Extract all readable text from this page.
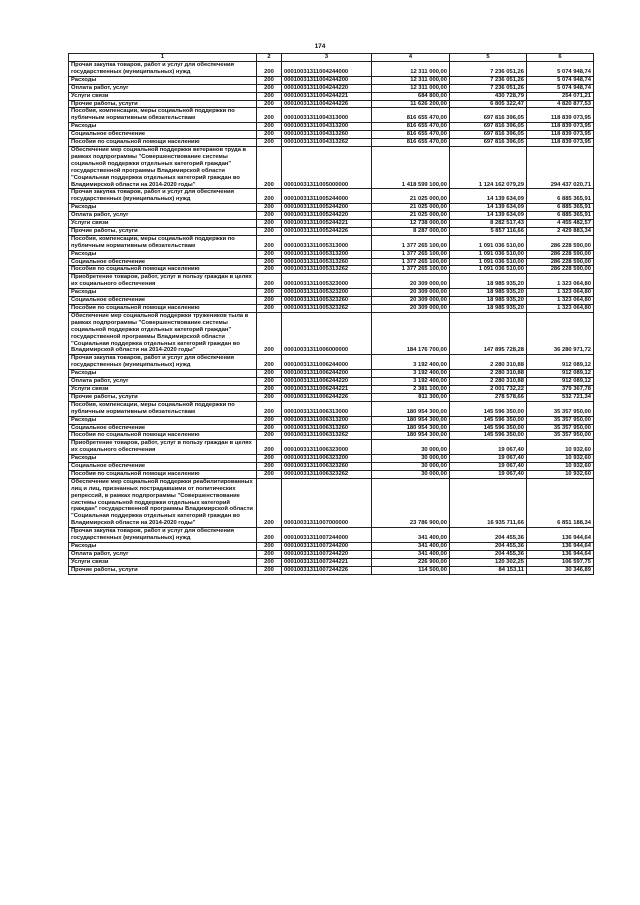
174
1	2	3	4	5	6
Прочая закупка товаров, работ и услуг для обеспечения государственных (муниципальных) нужд	200	00010031311004244000	12 311 000,00	7 236 051,26	5 074 948,74
Расходы	200	00010031311004244200	12 311 000,00	7 236 051,26	5 074 948,74
Оплата работ, услуг	200	00010031311004244220	12 311 000,00	7 236 051,26	5 074 948,74
Услуги связи	200	00010031311004244221	684 800,00	430 728,79	254 071,21
Прочие работы, услуги	200	00010031311004244226	11 626 200,00	6 805 322,47	4 820 877,53
Пособия, компенсации, меры социальной поддержки по публичным нормативным обязательствам	200	00010031311004313000	816 655 470,00	697 816 396,05	118 839 073,95
Расходы	200	00010031311004313200	816 655 470,00	697 816 396,05	118 839 073,95
Социальное обеспечение	200	00010031311004313260	816 655 470,00	697 816 396,05	118 839 073,95
Пособия по социальной помощи населению	200	00010031311004313262	816 655 470,00	697 816 396,05	118 839 073,95
Обеспечение мер социальной поддержки ветеранов труда в рамках подпрограммы "Совершенствование системы социальной поддержки отдельных категорий граждан" государственной программы Владимирской области "Социальная поддержка отдельных категорий граждан во Владимирской области на 2014-2020 годы"	200	00010031311005000000	1 418 599 100,00	1 124 162 079,29	294 437 020,71
Прочая закупка товаров, работ и услуг для обеспечения государственных (муниципальных) нужд	200	00010031311005244000	21 025 000,00	14 139 634,09	6 885 365,91
Расходы	200	00010031311005244200	21 025 000,00	14 139 634,09	6 885 365,91
Оплата работ, услуг	200	00010031311005244220	21 025 000,00	14 139 634,09	6 885 365,91
Услуги связи	200	00010031311005244221	12 738 000,00	8 282 517,43	4 455 482,57
Прочие работы, услуги	200	00010031311005244226	8 287 000,00	5 857 116,66	2 429 883,34
Пособия, компенсации, меры социальной поддержки по публичным нормативным обязательствам	200	00010031311005313000	1 377 265 100,00	1 091 036 510,00	286 228 590,00
Расходы	200	00010031311005313200	1 377 265 100,00	1 091 036 510,00	286 228 590,00
Социальное обеспечение	200	00010031311005313260	1 377 265 100,00	1 091 036 510,00	286 228 590,00
Пособия по социальной помощи населению	200	00010031311005313262	1 377 265 100,00	1 091 036 510,00	286 228 590,00
Приобретение товаров, работ, услуг в пользу граждан в целях их социального обеспечения	200	00010031311005323000	20 309 000,00	18 985 935,20	1 323 064,80
Расходы	200	00010031311005323200	20 309 000,00	18 985 935,20	1 323 064,80
Социальное обеспечение	200	00010031311005323260	20 309 000,00	18 985 935,20	1 323 064,80
Пособия по социальной помощи населению	200	00010031311005323262	20 309 000,00	18 985 935,20	1 323 064,80
Обеспечение мер социальной поддержки тружеников тыла в рамках подпрограммы "Совершенствование системы социальной поддержки отдельных категорий граждан" государственной программы Владимирской области "Социальная поддержка отдельных категорий граждан во Владимирской области на 2014-2020 годы"	200	00010031311006000000	184 176 700,00	147 895 728,28	36 280 971,72
Прочая закупка товаров, работ и услуг для обеспечения государственных (муниципальных) нужд	200	00010031311006244000	3 192 400,00	2 280 310,88	912 089,12
Расходы	200	00010031311006244200	3 192 400,00	2 280 310,88	912 089,12
Оплата работ, услуг	200	00010031311006244220	3 192 400,00	2 280 310,88	912 089,12
Услуги связи	200	00010031311006244221	2 381 100,00	2 001 732,22	379 367,78
Прочие работы, услуги	200	00010031311006244226	811 300,00	278 578,66	532 721,34
Пособия, компенсации, меры социальной поддержки по публичным нормативным обязательствам	200	00010031311006313000	180 954 300,00	145 596 350,00	35 357 950,00
Расходы	200	00010031311006313200	180 954 300,00	145 596 350,00	35 357 950,00
Социальное обеспечение	200	00010031311006313260	180 954 300,00	145 596 350,00	35 357 950,00
Пособия по социальной помощи населению	200	00010031311006313262	180 954 300,00	145 596 350,00	35 357 950,00
Приобретение товаров, работ, услуг в пользу граждан в целях их социального обеспечения	200	00010031311006323000	30 000,00	19 067,40	10 932,60
Расходы	200	00010031311006323200	30 000,00	19 067,40	10 932,60
Социальное обеспечение	200	00010031311006323260	30 000,00	19 067,40	10 932,60
Пособия по социальной помощи населению	200	00010031311006323262	30 000,00	19 067,40	10 932,60
Обеспечение мер социальной поддержки реабилитированных лиц и лиц, признанных пострадавшими от политических репрессий, в рамках подпрограммы "Совершенствование системы социальной поддержки отдельных категорий граждан" государственной программы Владимирской области "Социальная поддержка отдельных категорий граждан во Владимирской области на 2014-2020 годы"	200	00010031311007000000	23 786 900,00	16 935 711,66	6 851 188,34
Прочая закупка товаров, работ и услуг для обеспечения государственных (муниципальных) нужд	200	00010031311007244000	341 400,00	204 455,36	136 944,64
Расходы	200	00010031311007244200	341 400,00	204 455,36	136 944,64
Оплата работ, услуг	200	00010031311007244220	341 400,00	204 455,36	136 944,64
Услуги связи	200	00010031311007244221	226 900,00	120 302,25	106 597,75
Прочие работы, услуги	200	00010031311007244226	114 500,00	84 153,11	30 346,89
